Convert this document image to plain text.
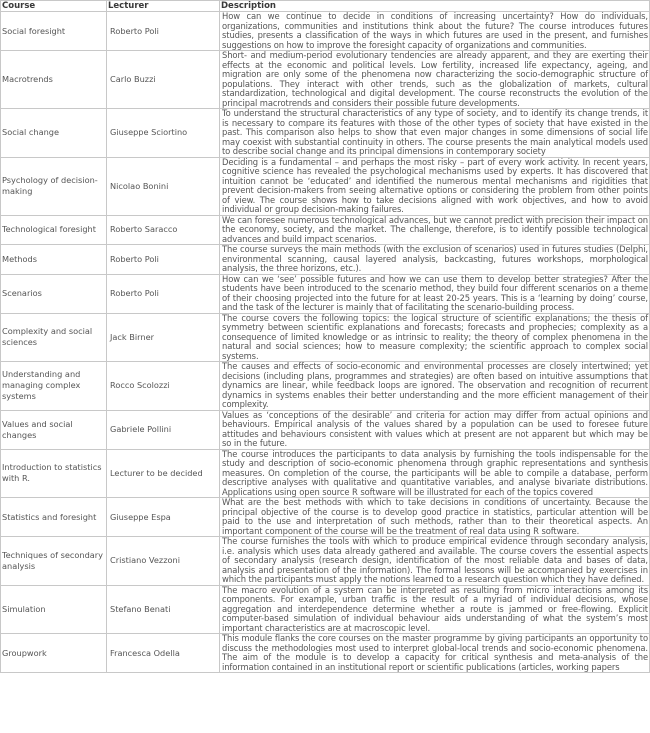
Course	Lecturer	Description
Social foresight	Roberto Poli	How can we continue to decide in conditions of increasing uncertainty? How do individuals, organizations, communities and institutions think about the future? The course introduces futures studies, presents a classification of the ways in which futures are used in the present, and furnishes suggestions on how to improve the foresight capacity of organizations and communities.
Macrotrends	Carlo Buzzi	Short- and medium-period evolutionary tendencies are already apparent, and they are exerting their effects at the economic and political levels. Low fertility, increased life expectancy, ageing, and migration are only some of the phenomena now characterizing the socio-demographic structure of populations. They interact with other trends, such as the globalization of markets, cultural standardization, technological and digital development. The course reconstructs the evolution of the principal macrotrends and considers their possible future developments.
Social change	Giuseppe Sciortino	To understand the structural characteristics of any type of society, and to identify its change trends, it is necessary to compare its features with those of the other types of society that have existed in the past. This comparison also helps to show that even major changes in some dimensions of social life may coexist with substantial continuity in others. The course presents the main analytical models used to describe social change and its principal dimensions in contemporary society
Psychology of decision-making	Nicolao Bonini	Deciding is a fundamental – and perhaps the most risky – part of every work activity. In recent years, cognitive science has revealed the psychological mechanisms used by experts. It has discovered that intuition cannot be ‘educated’ and identified the numerous mental mechanisms and rigidities that prevent decision-makers from seeing alternative options or considering the problem from other points of view. The course shows how to take decisions aligned with work objectives, and how to avoid individual or group decision-making failures.
Technological foresight	Roberto Saracco	We can foresee numerous technological advances, but we cannot predict with precision their impact on the economy, society, and the market. The challenge, therefore, is to identify possible technological advances and build impact scenarios.
Methods	Roberto Poli	The course surveys the main methods (with the exclusion of scenarios) used in futures studies (Delphi, environmental scanning, causal layered analysis, backcasting, futures workshops, morphological analysis, the three horizons, etc.).
Scenarios	Roberto Poli	How can we ‘see’ possible futures and how we can use them to develop better strategies? After the students have been introduced to the scenario method, they build four different scenarios on a theme of their choosing projected into the future for at least 20-25 years. This is a ‘learning by doing’ course, and the task of the lecturer is mainly that of facilitating the scenario-building process.
Complexity and social sciences	Jack Birner	The course covers the following topics: the logical structure of scientific explanations; the thesis of symmetry between scientific explanations and forecasts; forecasts and prophecies; complexity as a consequence of limited knowledge or as intrinsic to reality; the theory of complex phenomena in the natural and social sciences; how to measure complexity; the scientific approach to complex social systems.
Understanding and managing complex systems	Rocco Scolozzi	The causes and effects of socio-economic and environmental processes are closely intertwined; yet decisions (including plans, programmes and strategies) are often based on intuitive assumptions that dynamics are linear, while feedback loops are ignored. The observation and recognition of recurrent dynamics in systems enables their better understanding and the more efficient management of their complexity.
Values and social changes	Gabriele Pollini	Values as ‘conceptions of the desirable’ and criteria for action may differ from actual opinions and behaviours. Empirical analysis of the values shared by a population can be used to foresee future attitudes and behaviours consistent with values which at present are not apparent but which may be so in the future.
Introduction to statistics with R.	Lecturer to be decided	The course introduces the participants to data analysis by furnishing the tools indispensable for the study and description of socio-economic phenomena through graphic representations and synthesis measures. On completion of the course, the participants will be able to compile a database, perform descriptive analyses with qualitative and quantitative variables, and analyse bivariate distributions. Applications using open source R software will be illustrated for each of the topics covered
Statistics and foresight	Giuseppe Espa	What are the best methods with which to take decisions in conditions of uncertainty. Because the principal objective of the course is to develop good practice in statistics, particular attention will be paid to the use and interpretation of such methods, rather than to their theoretical aspects. An important component of the course will be the treatment of real data using R software.
Techniques of secondary analysis	Cristiano Vezzoni	The course furnishes the tools with which to produce empirical evidence through secondary analysis, i.e. analysis which uses data already gathered and available. The course covers the essential aspects of secondary analysis (research design, identification of the most reliable data and bases of data, analysis and presentation of the information). The formal lessons will be accompanied by exercises in which the participants must apply the notions learned to a research question which they have defined.
Simulation	Stefano Benati	The macro evolution of a system can be interpreted as resulting from micro interactions among its components. For example, urban traffic is the result of a myriad of individual decisions, whose aggregation and interdependence determine whether a route is jammed or free-flowing. Explicit computer-based simulation of individual behaviour aids understanding of what the system’s most important characteristics are at macroscopic level.
Groupwork	Francesca Odella	This module flanks the core courses on the master programme by giving participants an opportunity to discuss the methodologies most used to interpret global-local trends and socio-economic phenomena. The aim of the module is to develop a capacity for critical synthesis and meta-analysis of the information contained in an institutional report or scientific publications (articles, working papers
